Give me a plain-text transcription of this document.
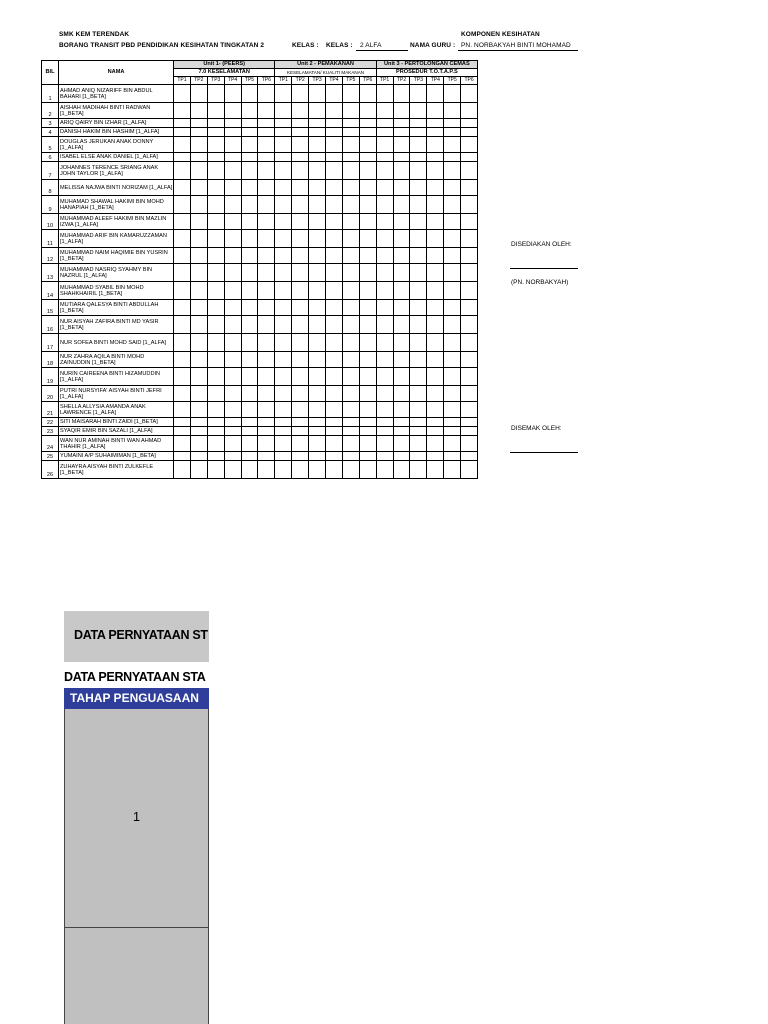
SMK KEM TERENDAK
BORANG TRANSIT PBD PENDIDIKAN KESIHATAN TINGKATAN 2	KELAS : KELAS : 2 ALFA	NAMA GURU : PN. NORBAKYAH BINTI MOHAMAD
KOMPONEN KESIHATAN
BIL	NAMA	Unit 1- (PEERS)						Unit 2 - PEMAKANAN						Unit 3 - PERTOLONGAN CEMAS					
		7.0 KESELAMATAN						KESELAMATAN/ KUALITI MAKANAN						PROSEDUR T.O.T.A.P.S					
		TP1	TP2	TP3	TP4	TP5	TP6	TP1	TP2	TP3	TP4	TP5	TP6	TP1	TP2	TP3	TP4	TP5	TP6
1	AHMAD ANIQ NIZARIFF BIN ABDUL BAHARI [1_BETA]																		
2	AISHAH MADIHAH BINTI RADWAN [1_BETA]																		
3	ARIQ QAIRY BIN IZHAR [1_ALFA]																		
4	DANISH HAKIM BIN HASHIM [1_ALFA]																		
5	DOUGLAS JERUKAN ANAK DONNY [1_ALFA]																		
6	ISABEL ELSE ANAK DANIEL [1_ALFA]																		
7	JOHANNES TERENCE SRIANG ANAK JOHN TAYLOR [1_ALFA]																		
8	MELISSA NAJWA BINTI NORIZAM [1_ALFA]																		
9	MUHAMAD SHAWAL HAKIMI BIN MOHD HANAPIAH [1_BETA]																		
10	MUHAMMAD ALEEF HAKIMI BIN MAZLIN IZWA [1_ALFA]																		
11	MUHAMMAD ARIF BIN KAMARUZZAMAN [1_ALFA]																		
12	MUHAMMAD NAIM HAQIMIE BIN YUSRIN [1_BETA]																		
13	MUHAMMAD NASRIQ SYAHMY BIN NAZRUL [1_ALFA]																		
14	MUHAMMAD SYABIL BIN MOHD SHAHKHAIRIL [1_BETA]																		
15	MUTIARA QALESYA BINTI ABDULLAH [1_BETA]																		
16	NUR AISYAH ZAFIRA BINTI MD YASIR [1_BETA]																		
17	NUR SOFEA BINTI MOHD SAID [1_ALFA]																		
18	NUR ZAHRA AQILA BINTI MOHD ZAINUDDIN [1_BETA]																		
19	NURIN CAIREENA BINTI HIZAMUDDIN [1_ALFA]																		
20	PUTRI NURSYIFA' AISYAH BINTI JEFRI [1_ALFA]																		
21	SHELLA ALLYSIA AMANDA ANAK LAWRENCE [1_ALFA]																		
22	SITI MAISARAH BINTI ZAIDI [1_BETA]																		
23	SYAQIR EMIR BIN SAZALI [1_ALFA]																		
24	WAN NUR AMINAH BINTI WAN AHMAD THAHIR [1_ALFA]																		
25	YUMAINI A/P SUHAIMIMAN [1_BETA]																		
26	ZUHAYRA AISYAH BINTI ZULKEFLE [1_BETA]																		
DISEDIAKAN OLEH:
(PN. NORBAKYAH)
DISEMAK OLEH:
DATA PERNYATAAN ST
DATA PERNYATAAN STA
TAHAP PENGUASAAN
1
